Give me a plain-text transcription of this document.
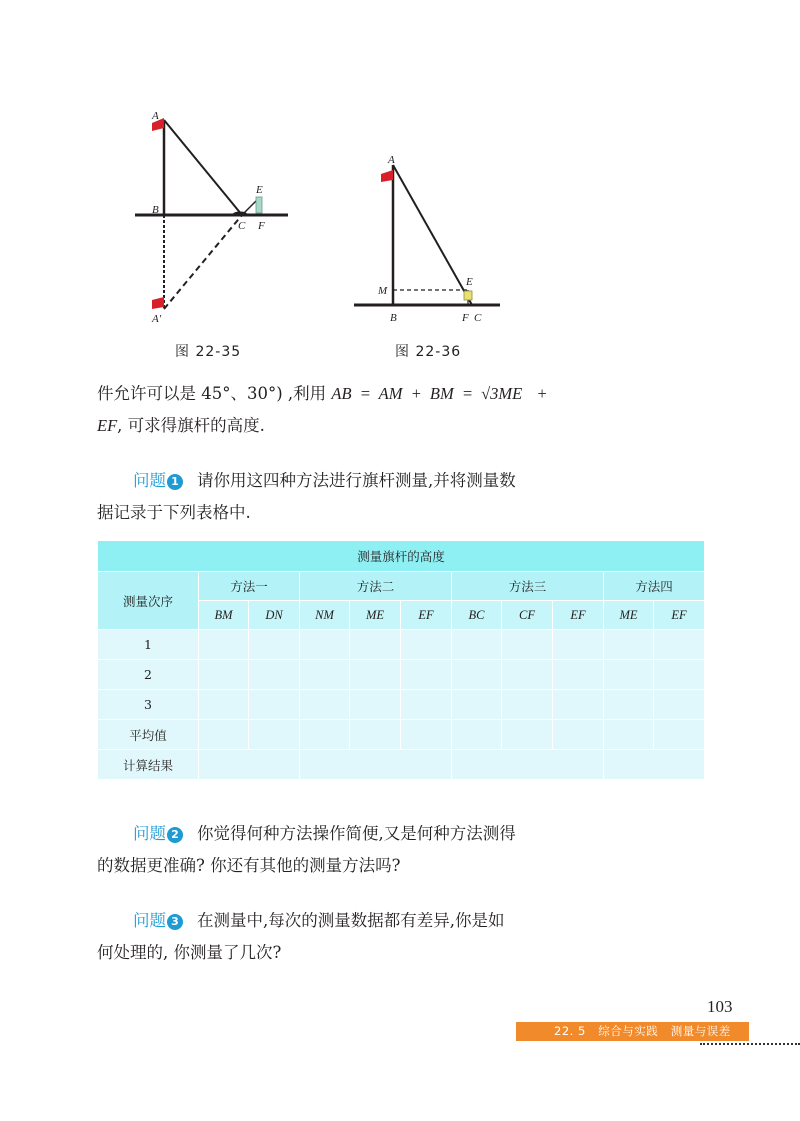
A
B
C
E
F
A′
图 22-35
A
M
E
B	F C
图 22-36
件允许可以是 45°、30°) ,利用 AB = AM + BM = √3ME +
EF, 可求得旗杆的高度.
问题 1 请你用这四种方法进行旗杆测量,并将测量数
据记录于下列表格中.
测量旗杆的高度										
测量次序	方法一		方法二			方法三			方法四	
	BM	DN	NM	ME	EF	BC	CF	EF	ME	EF
1										
2										
3										
平均值										
计算结果										
问题 2 你觉得何种方法操作简便,又是何种方法测得
的数据更准确? 你还有其他的测量方法吗?
问题 3 在测量中,每次的测量数据都有差异,你是如
何处理的, 你测量了几次?
103
22. 5   综合与实践   测量与误差
